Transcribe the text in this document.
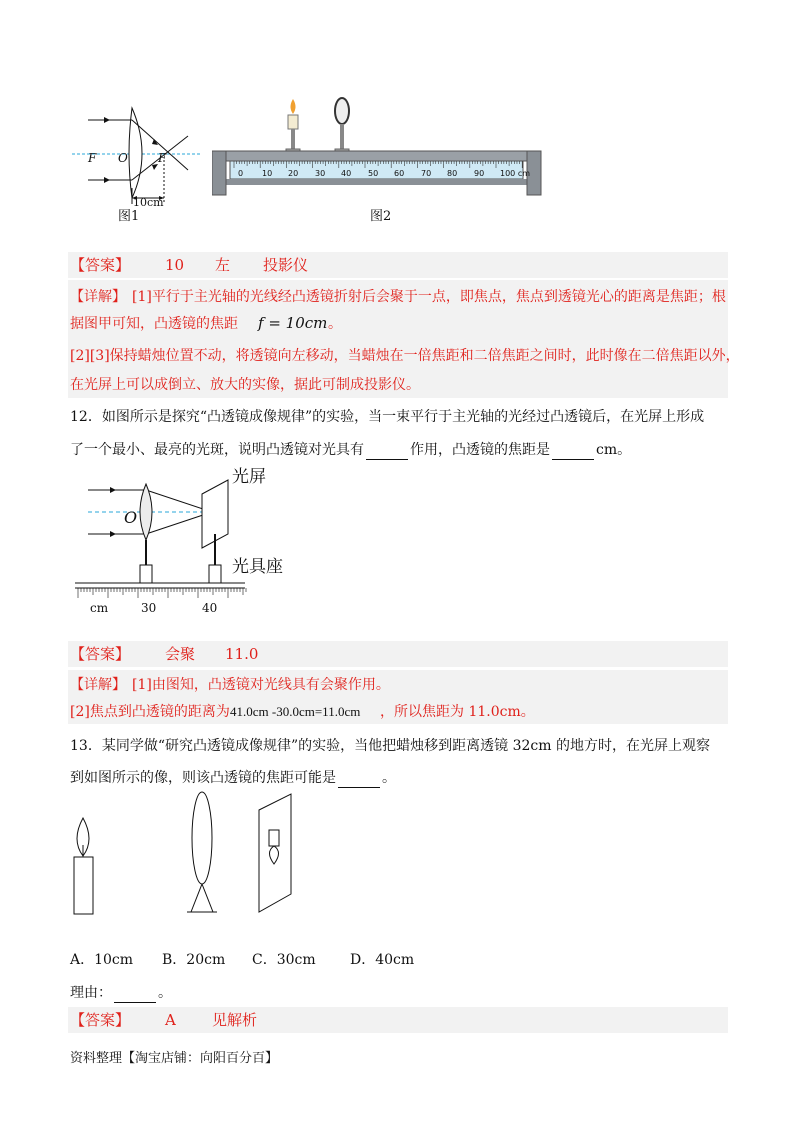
F O	F
10cm
图1
0 10 20 30 40 50 60 70 80 90 100 cm
图2
【答案】 10 左 投影仪
【详解】 [1]平行于主光轴的光线经凸透镜折射后会聚于一点，即焦点，焦点到透镜光心的距离是焦距；根
据图甲可知，凸透镜的焦距 f = 10cm 。
[2][3]保持蜡烛位置不动，将透镜向左移动，当蜡烛在一倍焦距和二倍焦距之间时，此时像在二倍焦距以外，
在光屏上可以成倒立、放大的实像，据此可制成投影仪。
12．如图所示是探究“凸透镜成像规律”的实验，当一束平行于主光轴的光经过凸透镜后，在光屏上形成
了一个最小、最亮的光斑，说明凸透镜对光具有	作用，凸透镜的焦距是	cm。
光屏
光具座
O
cm	30	40
【答案】 会聚 11.0
【详解】 [1]由图知，凸透镜对光线具有会聚作用。
[2]焦点到凸透镜的距离为 41.0cm -30.0cm=11.0cm ，所以焦距为 11.0cm。
13．某同学做“研究凸透镜成像规律”的实验，当他把蜡烛移到距离透镜 32cm 的地方时，在光屏上观察
到如图所示的像，则该凸透镜的焦距可能是	。
A．10cm B．20cm C．30cm D．40cm
理由：	。
【答案】 A 见解析
资料整理【淘宝店铺：向阳百分百】
